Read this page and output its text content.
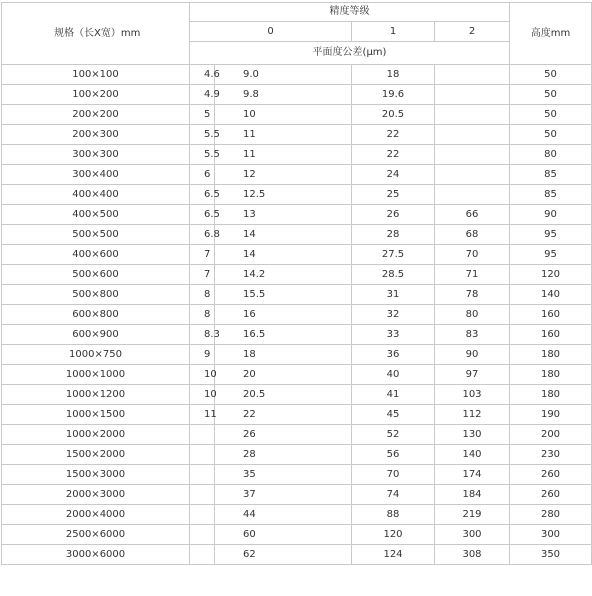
规格（长X宽）mm	精度等级				高度mm	
	0		1	2	
	平面度公差(μm)					
100×100	4.6	9.0	18		50	
100×200	4.9	9.8	19.6		50	
200×200	5	10	20.5		50	
200×300	5.5	11	22		50	
300×300	5.5	11	22		80	
300×400	6	12	24		85	
400×400	6.5	12.5	25		85	
400×500	6.5	13	26	66	90	
500×500	6.8	14	28	68	95	
400×600	7	14	27.5	70	95	
500×600	7	14.2	28.5	71	120	
500×800	8	15.5	31	78	140	
600×800	8	16	32	80	160	
600×900	8.3	16.5	33	83	160	
1000×750	9	18	36	90	180	
1000×1000	10	20	40	97	180	
1000×1200	10	20.5	41	103	180	
1000×1500	11	22	45	112	190	
1000×2000		26	52	130	200	
1500×2000		28	56	140	230	
1500×3000		35	70	174	260	
2000×3000		37	74	184	260	
2000×4000		44	88	219	280	
2500×6000		60	120	300	300	
3000×6000		62	124	308	350	
